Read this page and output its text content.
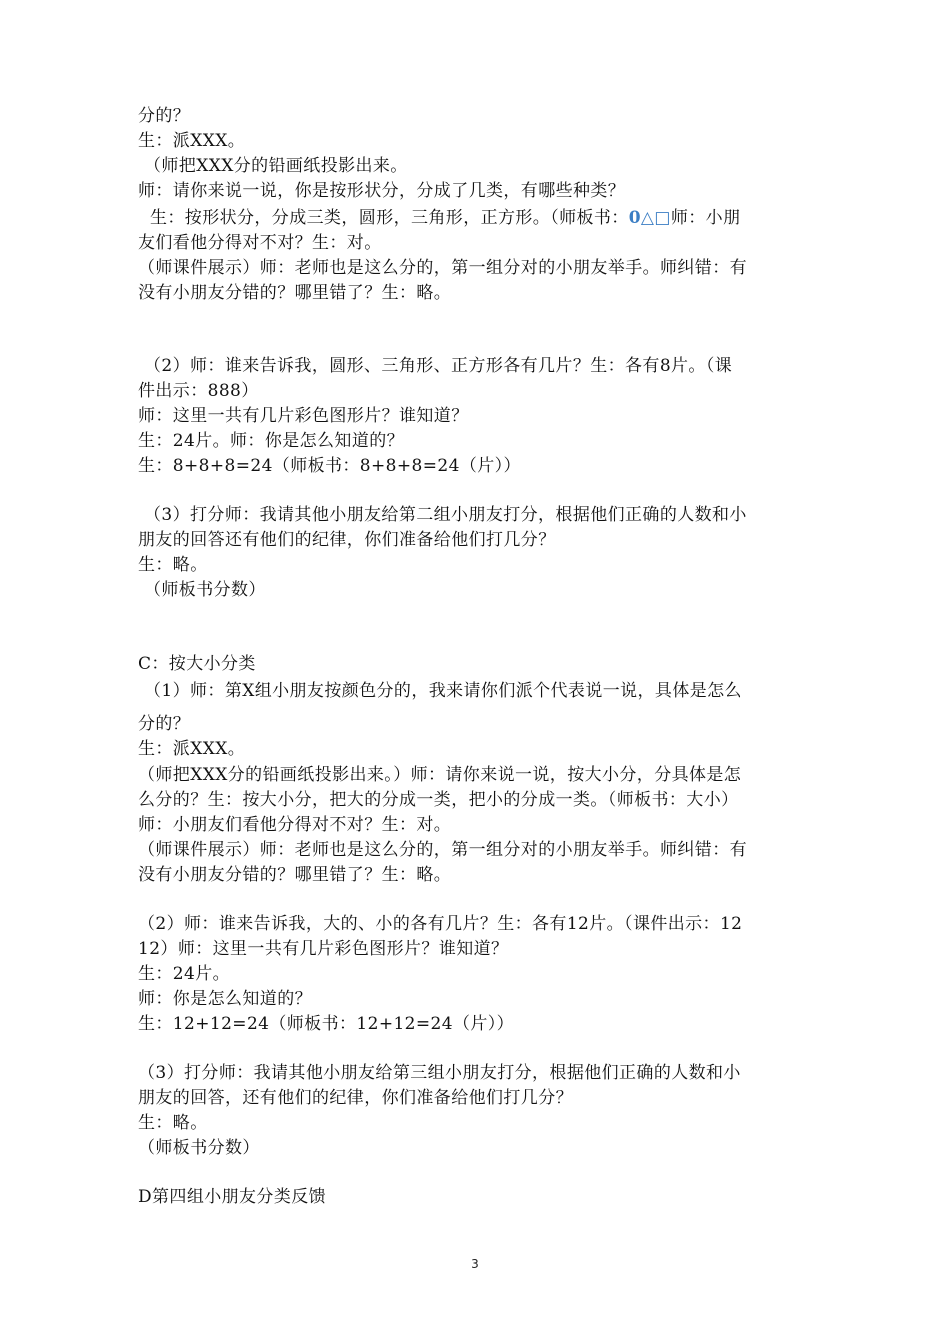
分的？
生：派XXX。
（师把XXX分的铅画纸投影出来。
师：请你来说一说，你是按形状分，分成了几类，有哪些种类？
生：按形状分，分成三类，圆形，三角形，正方形。（师板书：0△□师：小朋
友们看他分得对不对？生：对。
（师课件展示）师：老师也是这么分的，第一组分对的小朋友举手。师纠错：有
没有小朋友分错的？哪里错了？生：略。
（2）师：谁来告诉我，圆形、三角形、正方形各有几片？生：各有8片。（课
件出示：888）
师：这里一共有几片彩色图形片？谁知道？
生：24片。师：你是怎么知道的？
生：8+8+8=24（师板书：8+8+8=24（片））
（3）打分师：我请其他小朋友给第二组小朋友打分，根据他们正确的人数和小
朋友的回答还有他们的纪律，你们准备给他们打几分？
生：略。
（师板书分数）
C：按大小分类
（1）师：第X组小朋友按颜色分的，我来请你们派个代表说一说，具体是怎么
分的？
生：派XXX。
（师把XXX分的铅画纸投影出来。）师：请你来说一说，按大小分，分具体是怎
么分的？生：按大小分，把大的分成一类，把小的分成一类。（师板书：大小）
师：小朋友们看他分得对不对？生：对。
（师课件展示）师：老师也是这么分的，第一组分对的小朋友举手。师纠错：有
没有小朋友分错的？哪里错了？生：略。
（2）师：谁来告诉我，大的、小的各有几片？生：各有12片。（课件出示：12
12）师：这里一共有几片彩色图形片？谁知道？
生：24片。
师：你是怎么知道的？
生：12+12=24（师板书：12+12=24（片））
（3）打分师：我请其他小朋友给第三组小朋友打分，根据他们正确的人数和小
朋友的回答，还有他们的纪律，你们准备给他们打几分？
生：略。
（师板书分数）
D第四组小朋友分类反馈
3
